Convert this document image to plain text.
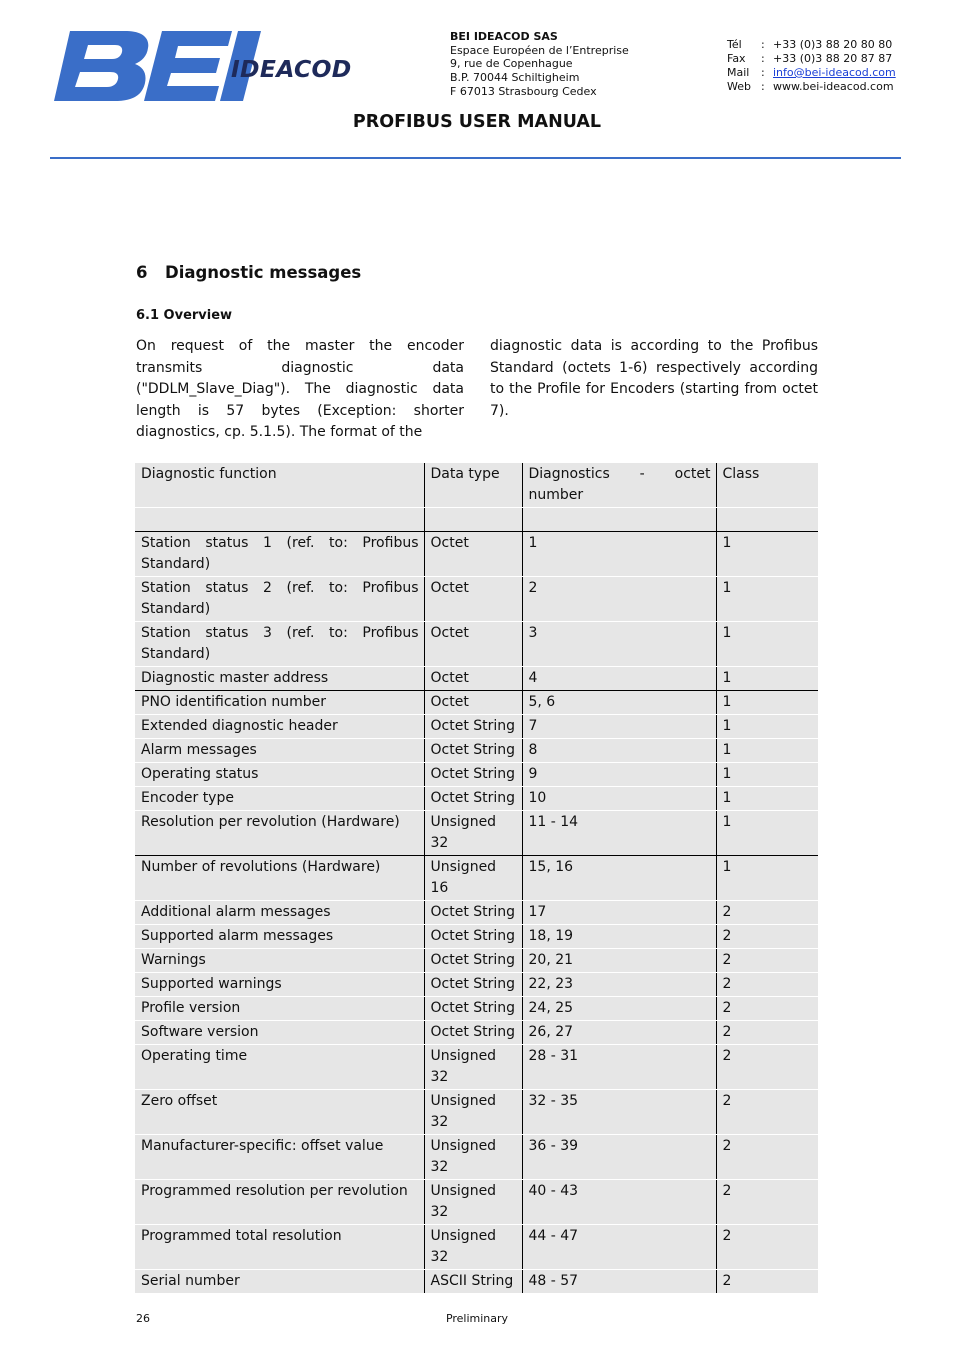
IDEACOD
BEI IDEACOD SAS
Espace Européen de l’Entreprise
9, rue de Copenhague
B.P. 70044 Schiltigheim
F 67013 Strasbourg Cedex
Tél	:	+33 (0)3 88 20 80 80
Fax	:	+33 (0)3 88 20 87 87
Mail	:	info@bei-ideacod.com
Web	:	www.bei-ideacod.com
PROFIBUS USER MANUAL
6 Diagnostic messages
6.1 Overview
On request of the master the encoder transmits diagnostic data ("DDLM_Slave_Diag"). The diagnostic data length is 57 bytes (Exception: shorter diagnostics, cp. 5.1.5). The format of the
diagnostic data is according to the Profibus Standard (octets 1-6) respectively according to the Profile for Encoders (starting from octet 7).
Diagnostic function	Data type	Diagnostics - octet number	Class

Station status 1 (ref. to: Profibus Standard)	Octet	1	1
Station status 2 (ref. to: Profibus Standard)	Octet	2	1
Station status 3 (ref. to: Profibus Standard)	Octet	3	1
Diagnostic master address	Octet	4	1
PNO identification number	Octet	5, 6	1
Extended diagnostic header	Octet String	7	1
Alarm messages	Octet String	8	1
Operating status	Octet String	9	1
Encoder type	Octet String	10	1
Resolution per revolution (Hardware)	Unsigned 32	11 - 14	1
Number of revolutions (Hardware)	Unsigned 16	15, 16	1
Additional alarm messages	Octet String	17	2
Supported alarm messages	Octet String	18, 19	2
Warnings	Octet String	20, 21	2
Supported warnings	Octet String	22, 23	2
Profile version	Octet String	24, 25	2
Software version	Octet String	26, 27	2
Operating time	Unsigned 32	28 - 31	2
Zero offset	Unsigned 32	32 - 35	2
Manufacturer-specific: offset value	Unsigned 32	36 - 39	2
Programmed resolution per revolution	Unsigned 32	40 - 43	2
Programmed total resolution	Unsigned 32	44 - 47	2
Serial number	ASCII String	48 - 57	2
26	Preliminary
